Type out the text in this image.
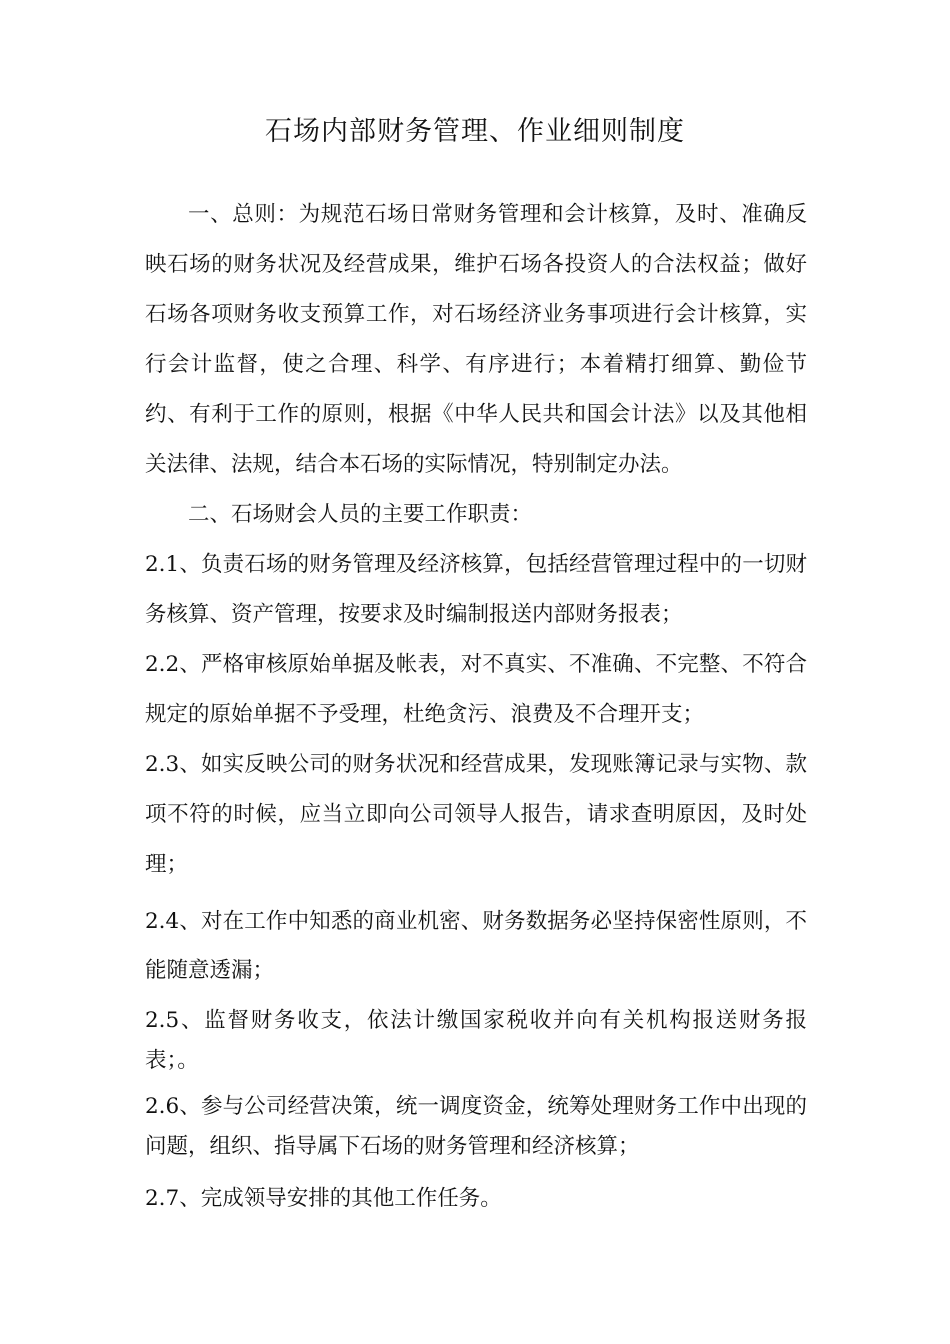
石场内部财务管理、作业细则制度

一、总则：为规范石场日常财务管理和会计核算，及时、准确反映石场的财务状况及经营成果，维护石场各投资人的合法权益；做好石场各项财务收支预算工作，对石场经济业务事项进行会计核算，实行会计监督，使之合理、科学、有序进行；本着精打细算、勤俭节约、有利于工作的原则，根据《中华人民共和国会计法》以及其他相关法律、法规，结合本石场的实际情况，特别制定办法。

二、石场财会人员的主要工作职责：

2.1、负责石场的财务管理及经济核算，包括经营管理过程中的一切财务核算、资产管理，按要求及时编制报送内部财务报表；

2.2、严格审核原始单据及帐表，对不真实、不准确、不完整、不符合规定的原始单据不予受理，杜绝贪污、浪费及不合理开支；

2.3、如实反映公司的财务状况和经营成果，发现账簿记录与实物、款项不符的时候，应当立即向公司领导人报告，请求查明原因，及时处理；

2.4、对在工作中知悉的商业机密、财务数据务必坚持保密性原则，不能随意透漏；

2.5、监督财务收支，依法计缴国家税收并向有关机构报送财务报表；。

2.6、参与公司经营决策，统一调度资金，统筹处理财务工作中出现的问题，组织、指导属下石场的财务管理和经济核算；

2.7、完成领导安排的其他工作任务。
